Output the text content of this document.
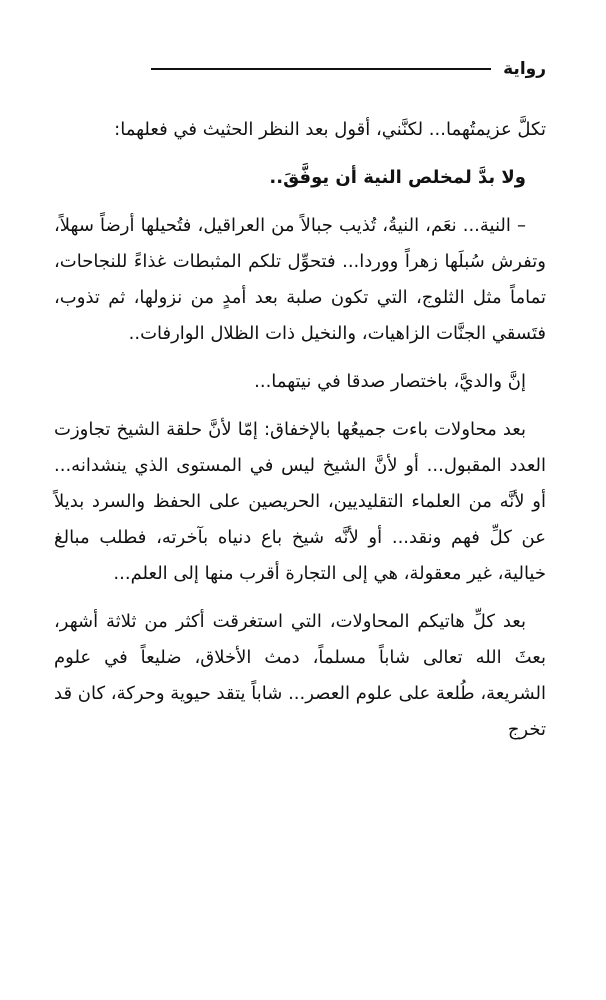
رواية

تكلَّ عزيمتُهما... لكنَّني، أقول بعد النظر الحثيث في فعلهما:

ولا بدَّ لمخلص النية أن يوفَّقَ..

– النية... نعَم، النيةُ، تُذيب جبالاً من العراقيل، فتُحيلها أرضاً سهلاً، وتفرش سُبلَها زهراً ووردا... فتحوِّل تلكم المثبطات غذاءً للنجاحات، تماماً مثل الثلوج، التي تكون صلبة بعد أمدٍ من نزولها، ثم تذوب، فتَسقي الجنَّات الزاهيات، والنخيل ذات الظلال الوارفات..

إنَّ والديَّ، باختصار صدقا في نيتهما...

بعد محاولات باءت جميعُها بالإخفاق: إمّا لأنَّ حلقة الشيخ تجاوزت العدد المقبول... أو لأنَّ الشيخ ليس في المستوى الذي ينشدانه... أو لأنَّه من العلماء التقليديين، الحريصين على الحفظ والسرد بديلاً عن كلِّ فهم ونقد... أو لأنَّه شيخ باع دنياه بآخرته، فطلب مبالغ خيالية، غير معقولة، هي إلى التجارة أقرب منها إلى العلم...

بعد كلِّ هاتيكم المحاولات، التي استغرقت أكثر من ثلاثة أشهر، بعثَ الله تعالى شاباً مسلماً، دمث الأخلاق، ضليعاً في علوم الشريعة، طُلعة على علوم العصر... شاباً يتقد حيوية وحركة، كان قد تخرج
